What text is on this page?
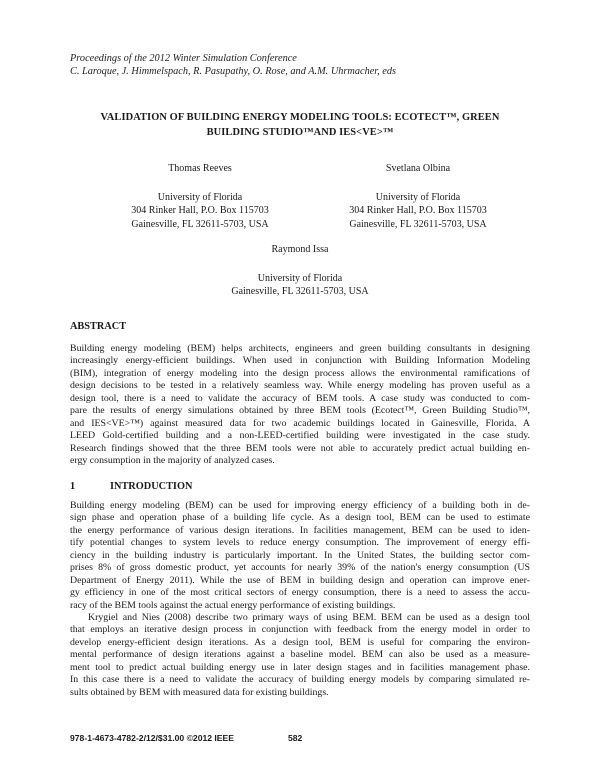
Proceedings of the 2012 Winter Simulation Conference
C. Laroque, J. Himmelspach, R. Pasupathy, O. Rose, and A.M. Uhrmacher, eds
VALIDATION OF BUILDING ENERGY MODELING TOOLS: ECOTECT™, GREEN
BUILDING STUDIO™AND IES<VE>™
Thomas Reeves
University of Florida
304 Rinker Hall, P.O. Box 115703
Gainesville, FL 32611-5703, USA
Svetlana Olbina
University of Florida
304 Rinker Hall, P.O. Box 115703
Gainesville, FL 32611-5703, USA
Raymond Issa
University of Florida
Gainesville, FL 32611-5703, USA
ABSTRACT
Building energy modeling (BEM) helps architects, engineers and green building consultants in designing
increasingly energy-efficient buildings. When used in conjunction with Building Information Modeling
(BIM), integration of energy modeling into the design process allows the environmental ramifications of
design decisions to be tested in a relatively seamless way. While energy modeling has proven useful as a
design tool, there is a need to validate the accuracy of BEM tools. A case study was conducted to com-
pare the results of energy simulations obtained by three BEM tools (Ecotect™, Green Building Studio™,
and IES<VE>™) against measured data for two academic buildings located in Gainesville, Florida. A
LEED Gold-certified building and a non-LEED-certified building were investigated in the case study.
Research findings showed that the three BEM tools were not able to accurately predict actual building en-
ergy consumption in the majority of analyzed cases.
1	INTRODUCTION
Building energy modeling (BEM) can be used for improving energy efficiency of a building both in de-
sign phase and operation phase of a building life cycle. As a design tool, BEM can be used to estimate
the energy performance of various design iterations. In facilities management, BEM can be used to iden-
tify potential changes to system levels to reduce energy consumption. The improvement of energy effi-
ciency in the building industry is particularly important. In the United States, the building sector com-
prises 8% of gross domestic product, yet accounts for nearly 39% of the nation's energy consumption (US
Department of Energy 2011). While the use of BEM in building design and operation can improve ener-
gy efficiency in one of the most critical sectors of energy consumption, there is a need to assess the accu-
racy of the BEM tools against the actual energy performance of existing buildings.
Krygiel and Nies (2008) describe two primary ways of using BEM. BEM can be used as a design tool
that employs an iterative design process in conjunction with feedback from the energy model in order to
develop energy-efficient design iterations. As a design tool, BEM is useful for comparing the environ-
mental performance of design iterations against a baseline model. BEM can also be used as a measure-
ment tool to predict actual building energy use in later design stages and in facilities management phase.
In this case there is a need to validate the accuracy of building energy models by comparing simulated re-
sults obtained by BEM with measured data for existing buildings.
978-1-4673-4782-2/12/$31.00 ©2012 IEEE	582
